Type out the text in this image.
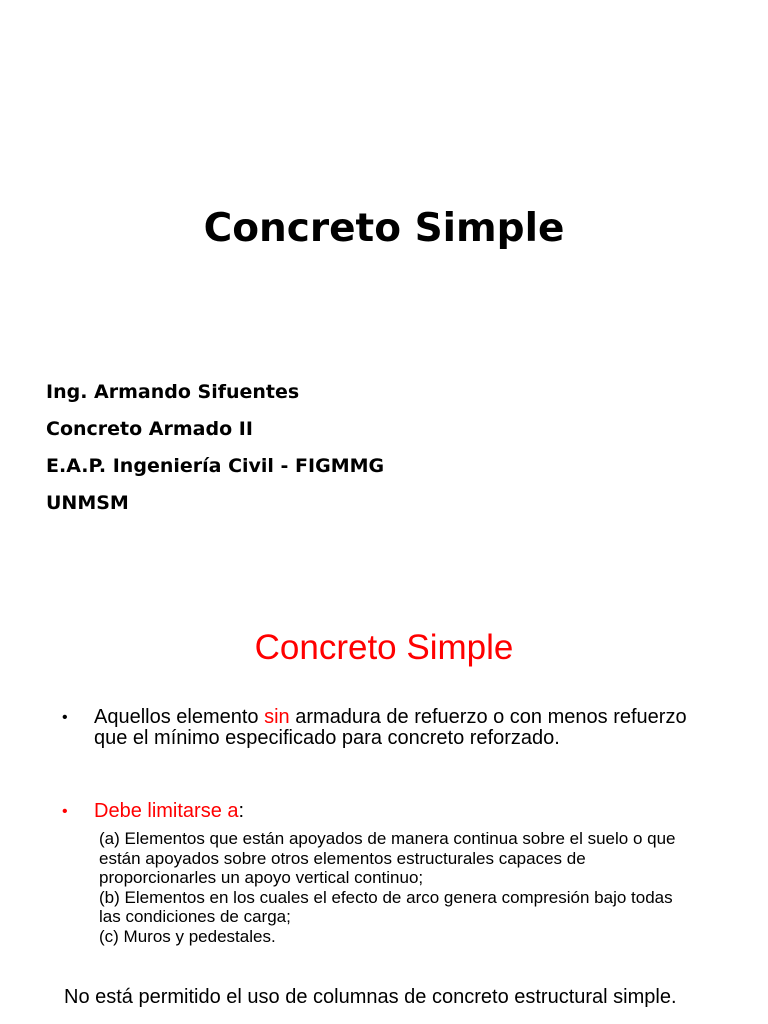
Concreto Simple
Ing. Armando Sifuentes
Concreto Armado II
E.A.P. Ingeniería Civil - FIGMMG
UNMSM
Concreto Simple
• Aquellos elemento sin armadura de refuerzo o con menos refuerzo que el mínimo especificado para concreto reforzado.
• Debe limitarse a:
(a) Elementos que están apoyados de manera continua sobre el suelo o que están apoyados sobre otros elementos estructurales capaces de proporcionarles un apoyo vertical continuo;
(b) Elementos en los cuales el efecto de arco genera compresión bajo todas las condiciones de carga;
(c) Muros y pedestales.
No está permitido el uso de columnas de concreto estructural simple.
